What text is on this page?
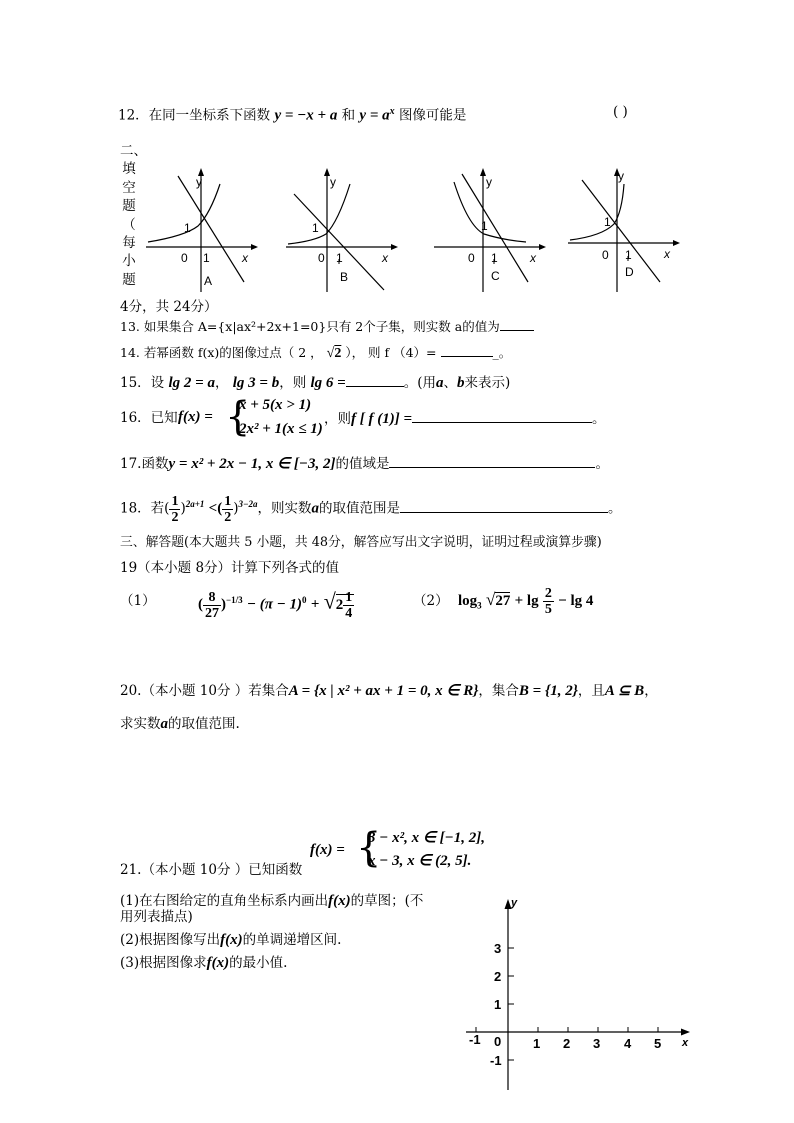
12．在同一坐标系下函数 y = −x + a 和 $y = a^x$ 图像可能是	( )
二、
填
空
题
（
每
小
题
y
x
1
0 1
A
y
x
1
0 1
B
y
x
1
0 1
C
y
x
1
0 1
D
4分，共 24分）
13. 如果集合 A={x|ax²+2x+1=0}只有 2个子集，则实数 a的值为
14. 若幂函数 f(x)的图像过点（ 2 ， √2 ）， 则 f （4）=	_。
15．设 lg 2 = a， lg 3 = b，则 lg 6 =	。(用a、b来表示)
16．已知 f(x) = {
x + 5(x > 1)
2x² + 1(x ≤ 1)
，则f [ f (1)] =	。
17.函数y = x² + 2x − 1, x ∈ [−3, 2]的值域是	。
18．若( $\frac{1}{2} )^{2a+1}$ <( $\frac{1}{2} )^{3-2a}$，则实数a的取值范围是	。
三、解答题(本大题共 5 小题，共 48分，解答应写出文字说明，证明过程或演算步骤)
19（本小题 8分）计算下列各式的值
（1）	( $\frac{8}{27} )^{-1/3} - (\pi - 1)^0 + √2 \frac{1}{4}$	（2） $\log_3 √27 + \lg \frac{2}{5} - \lg 4$
20.（本小题 10分 ）若集合A = {x | x² + ax + 1 = 0, x ∈ R}，集合B = {1, 2}，且A ⊆ B，
求实数a的取值范围.
f(x) = {
3 − x², x ∈ [−1, 2],
x − 3, x ∈ (2, 5].
21.（本小题 10分 ）已知函数
(1)在右图给定的直角坐标系内画出f(x)的草图；(不
用列表描点)
(2)根据图像写出f(x)的单调递增区间.
(3)根据图像求f(x)的最小值.
y
x
0
-1	1 2 3 4 5
3
2
1
-1
